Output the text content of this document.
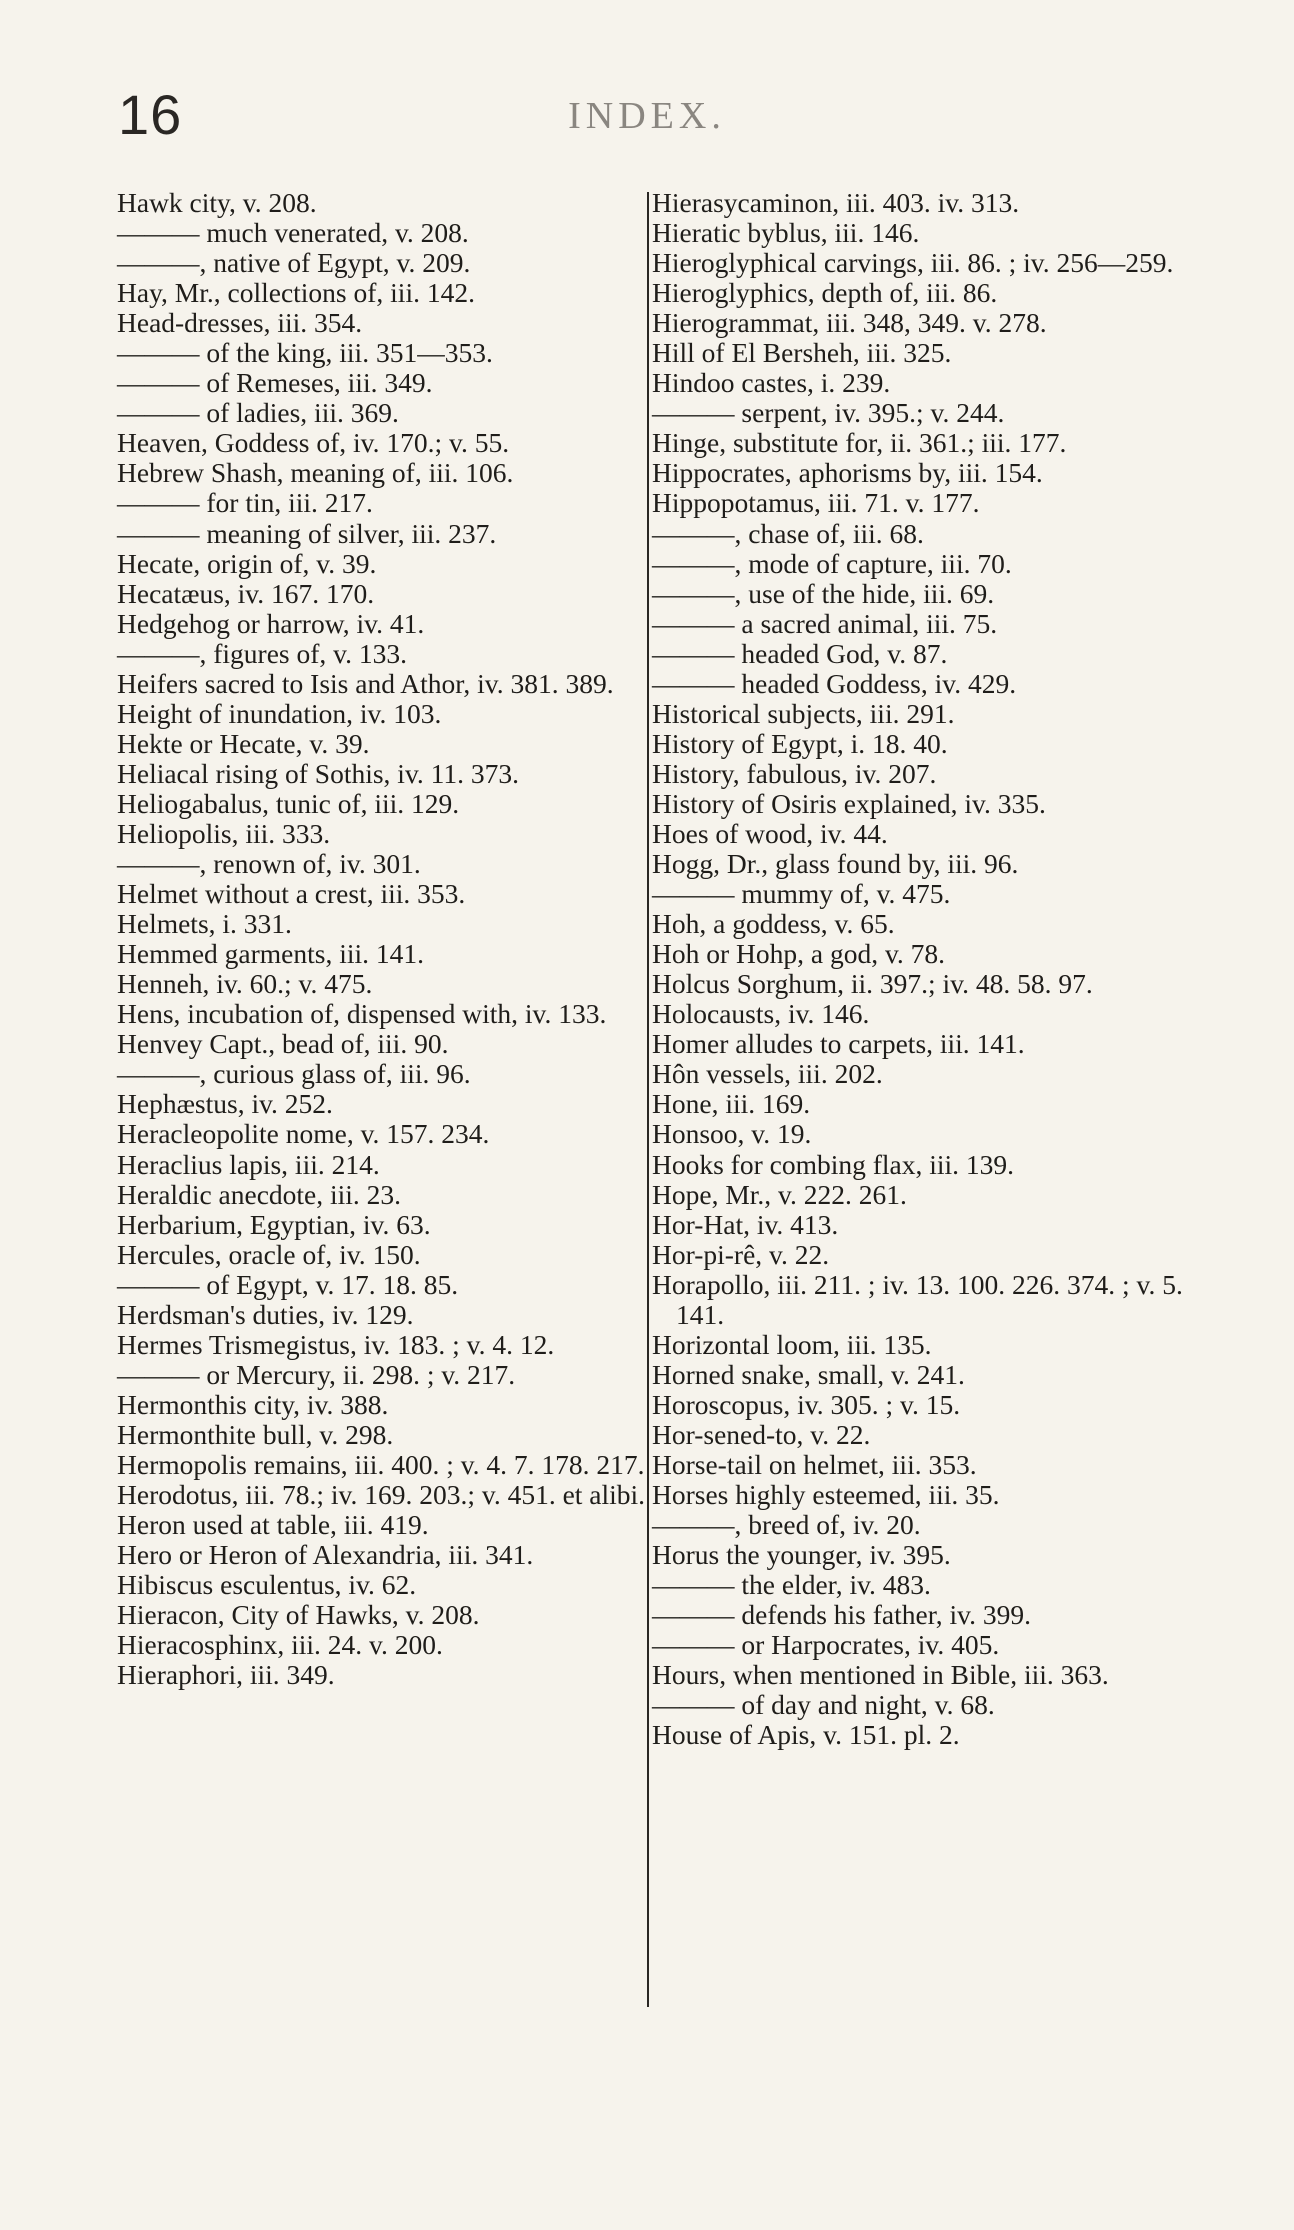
16	INDEX.
Hawk city, v. 208.
——— much venerated, v. 208.
———, native of Egypt, v. 209.
Hay, Mr., collections of, iii. 142.
Head-dresses, iii. 354.
——— of the king, iii. 351—353.
——— of Remeses, iii. 349.
——— of ladies, iii. 369.
Heaven, Goddess of, iv. 170.; v. 55.
Hebrew Shash, meaning of, iii. 106.
——— for tin, iii. 217.
——— meaning of silver, iii. 237.
Hecate, origin of, v. 39.
Hecatæus, iv. 167. 170.
Hedgehog or harrow, iv. 41.
———, figures of, v. 133.
Heifers sacred to Isis and Athor, iv. 381. 389.
Height of inundation, iv. 103.
Hekte or Hecate, v. 39.
Heliacal rising of Sothis, iv. 11. 373.
Heliogabalus, tunic of, iii. 129.
Heliopolis, iii. 333.
———, renown of, iv. 301.
Helmet without a crest, iii. 353.
Helmets, i. 331.
Hemmed garments, iii. 141.
Henneh, iv. 60.; v. 475.
Hens, incubation of, dispensed with, iv. 133.
Henvey Capt., bead of, iii. 90.
———, curious glass of, iii. 96.
Hephæstus, iv. 252.
Heracleopolite nome, v. 157. 234.
Heraclius lapis, iii. 214.
Heraldic anecdote, iii. 23.
Herbarium, Egyptian, iv. 63.
Hercules, oracle of, iv. 150.
——— of Egypt, v. 17. 18. 85.
Herdsman's duties, iv. 129.
Hermes Trismegistus, iv. 183. ; v. 4. 12.
——— or Mercury, ii. 298. ; v. 217.
Hermonthis city, iv. 388.
Hermonthite bull, v. 298.
Hermopolis remains, iii. 400. ; v. 4. 7. 178. 217.
Herodotus, iii. 78.; iv. 169. 203.; v. 451. et alibi.
Heron used at table, iii. 419.
Hero or Heron of Alexandria, iii. 341.
Hibiscus esculentus, iv. 62.
Hieracon, City of Hawks, v. 208.
Hieracosphinx, iii. 24. v. 200.
Hieraphori, iii. 349.
Hierasycaminon, iii. 403. iv. 313.
Hieratic byblus, iii. 146.
Hieroglyphical carvings, iii. 86. ; iv. 256—259.
Hieroglyphics, depth of, iii. 86.
Hierogrammat, iii. 348, 349. v. 278.
Hill of El Bersheh, iii. 325.
Hindoo castes, i. 239.
——— serpent, iv. 395.; v. 244.
Hinge, substitute for, ii. 361.; iii. 177.
Hippocrates, aphorisms by, iii. 154.
Hippopotamus, iii. 71. v. 177.
———, chase of, iii. 68.
———, mode of capture, iii. 70.
———, use of the hide, iii. 69.
——— a sacred animal, iii. 75.
——— headed God, v. 87.
——— headed Goddess, iv. 429.
Historical subjects, iii. 291.
History of Egypt, i. 18. 40.
History, fabulous, iv. 207.
History of Osiris explained, iv. 335.
Hoes of wood, iv. 44.
Hogg, Dr., glass found by, iii. 96.
——— mummy of, v. 475.
Hoh, a goddess, v. 65.
Hoh or Hohp, a god, v. 78.
Holcus Sorghum, ii. 397.; iv. 48. 58. 97.
Holocausts, iv. 146.
Homer alludes to carpets, iii. 141.
Hôn vessels, iii. 202.
Hone, iii. 169.
Honsoo, v. 19.
Hooks for combing flax, iii. 139.
Hope, Mr., v. 222. 261.
Hor-Hat, iv. 413.
Hor-pi-rê, v. 22.
Horapollo, iii. 211. ; iv. 13. 100. 226. 374. ; v. 5. 141.
Horizontal loom, iii. 135.
Horned snake, small, v. 241.
Horoscopus, iv. 305. ; v. 15.
Hor-sened-to, v. 22.
Horse-tail on helmet, iii. 353.
Horses highly esteemed, iii. 35.
———, breed of, iv. 20.
Horus the younger, iv. 395.
——— the elder, iv. 483.
——— defends his father, iv. 399.
——— or Harpocrates, iv. 405.
Hours, when mentioned in Bible, iii. 363.
——— of day and night, v. 68.
House of Apis, v. 151. pl. 2.
